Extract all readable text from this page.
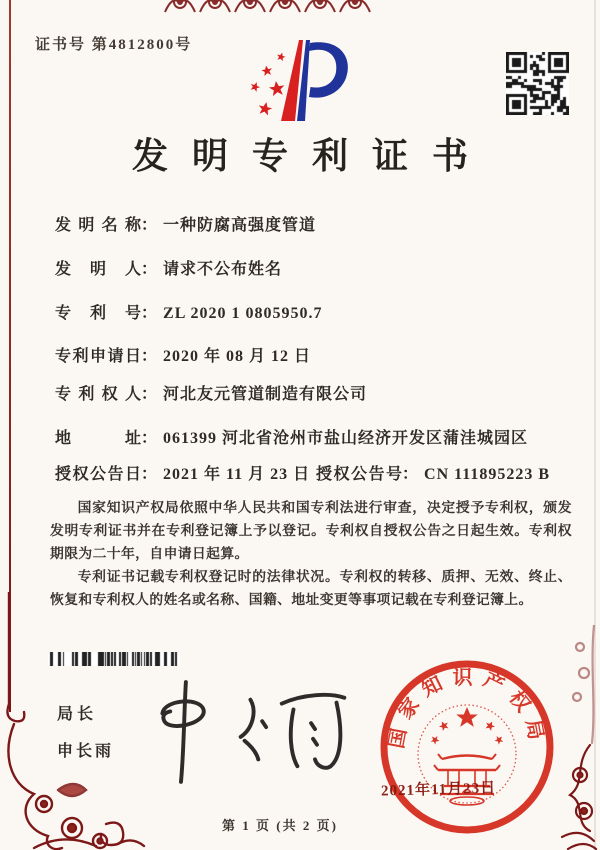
证书号 第4812800号
发明专利证书
发明名称： 一种防腐高强度管道
发明人： 请求不公布姓名
专利号： ZL 2020 1 0805950.7
专利申请日： 2020 年 08 月 12 日
专利权人： 河北友元管道制造有限公司
地址： 061399 河北省沧州市盐山经济开发区蒲洼城园区
授权公告日： 2021 年 11 月 23 日 授权公告号： CN 111895223 B

国家知识产权局依照中华人民共和国专利法进行审查，决定授予专利权，颁发发明专利证书并在专利登记簿上予以登记。专利权自授权公告之日起生效。专利权期限为二十年，自申请日起算。

专利证书记载专利权登记时的法律状况。专利权的转移、质押、无效、终止、恢复和专利权人的姓名或名称、国籍、地址变更等事项记载在专利登记簿上。

局长
申长雨
国家知识产权局
2021年11月23日
第 1 页 (共 2 页)
